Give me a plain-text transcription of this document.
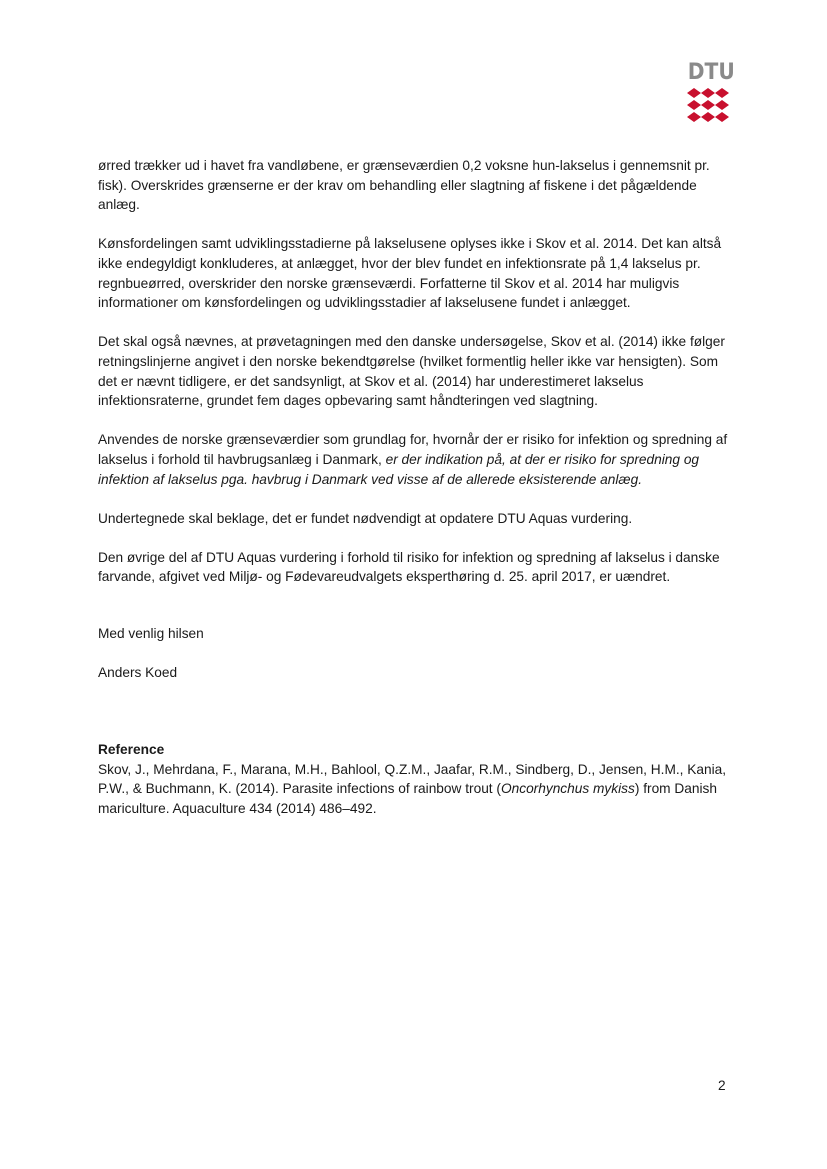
DTU

ørred trækker ud i havet fra vandløbene, er grænseværdien 0,2 voksne hun-lakselus i gennemsnit pr. fisk). Overskrides grænserne er der krav om behandling eller slagtning af fiskene i det pågældende anlæg.

Kønsfordelingen samt udviklingsstadierne på lakselusene oplyses ikke i Skov et al. 2014. Det kan altså ikke endegyldigt konkluderes, at anlægget, hvor der blev fundet en infektionsrate på 1,4 lakselus pr. regnbueørred, overskrider den norske grænseværdi. Forfatterne til Skov et al. 2014 har muligvis informationer om kønsfordelingen og udviklingsstadier af lakselusene fundet i anlægget.

Det skal også nævnes, at prøvetagningen med den danske undersøgelse, Skov et al. (2014) ikke følger retningslinjerne angivet i den norske bekendtgørelse (hvilket formentlig heller ikke var hensigten). Som det er nævnt tidligere, er det sandsynligt, at Skov et al. (2014) har underestimeret lakselus infektionsraterne, grundet fem dages opbevaring samt håndteringen ved slagtning.

Anvendes de norske grænseværdier som grundlag for, hvornår der er risiko for infektion og spredning af lakselus i forhold til havbrugsanlæg i Danmark, er der indikation på, at der er risiko for spredning og infektion af lakselus pga. havbrug i Danmark ved visse af de allerede eksisterende anlæg.

Undertegnede skal beklage, det er fundet nødvendigt at opdatere DTU Aquas vurdering.

Den øvrige del af DTU Aquas vurdering i forhold til risiko for infektion og spredning af lakselus i danske farvande, afgivet ved Miljø- og Fødevareudvalgets eksperthøring d. 25. april 2017, er uændret.

Med venlig hilsen

Anders Koed

Reference

Skov, J., Mehrdana, F., Marana, M.H., Bahlool, Q.Z.M., Jaafar, R.M., Sindberg, D., Jensen, H.M., Kania, P.W., & Buchmann, K. (2014). Parasite infections of rainbow trout (Oncorhynchus mykiss) from Danish mariculture. Aquaculture 434 (2014) 486–492.

2
